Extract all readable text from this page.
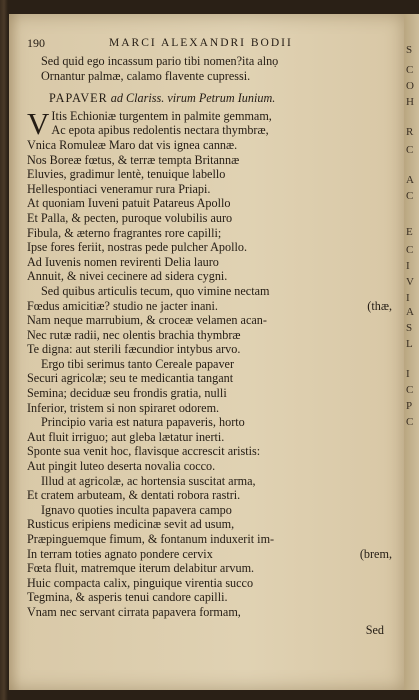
190	MARCI ALEXANDRI BODII
Sed quid ego incassum pario tibi nomen?ita alnọ
Ornantur palmæ, calamo flavente cupressi.
PAPAVER ad Clariss. virum Petrum Iunium.
V Itis Echioniæ turgentem in palmite gemmam,
Ac epota apibus redolentis nectara thymbræ,
Vnica Romuleæ Maro dat vis ignea cannæ.
Nos Boreæ fœtus, & terræ tempta Britannæ
Eluvies, gradimur lentè, tenuique labello
Hellespontiaci veneramur rura Priapi.
At quoniam Iuveni patuit Patareus Apollo
Et Palla, & pecten, puroque volubilis auro
Fibula, & æterno fragrantes rore capilli;
Ipse fores feriit, nostras pede pulcher Apollo.
Ad Iuvenis nomen revirenti Delia lauro
Annuit, & nivei cecinere ad sidera cygni.
Sed quibus articulis tecum, quo vimine nectam
Fœdus amicitiæ? studio ne jacter inani.	(thæ,
Nam neque marrubium, & croceæ velamen acan-
Nec rutæ radii, nec olentis brachia thymbræ
Te digna: aut sterili fæcundior intybus arvo.
Ergo tibi serimus tanto Cereale papaver
Securi agricolæ; seu te medicantia tangant
Semina; deciduæ seu frondis gratia, nulli
Inferior, tristem si non spiraret odorem.
Principio varia est natura papaveris, horto
Aut fluit irriguo; aut gleba lætatur inerti.
Sponte sua venit hoc, flavisque accrescit aristis:
Aut pingit luteo deserta novalia cocco.
Illud at agricolæ, ac hortensia suscitat arma,
Et cratem arbuteam, & dentati robora rastri.
Ignavo quoties inculta papavera campo
Rusticus eripiens medicinæ sevit ad usum,
Præpinguemque fimum, & fontanum induxerit im-
In terram toties agnato pondere cervix	(brem,
Fœta fluit, matremque iterum delabitur arvum.
Huic compacta calix, pinguique virentia succo
Tegmina, & asperis tenui candore capilli.
Vnam nec servant cirrata papavera formam,
Sed
S
C
O
H
R
C
A
C
E
C
I
V
I
A
S
L
I
C
P
C
